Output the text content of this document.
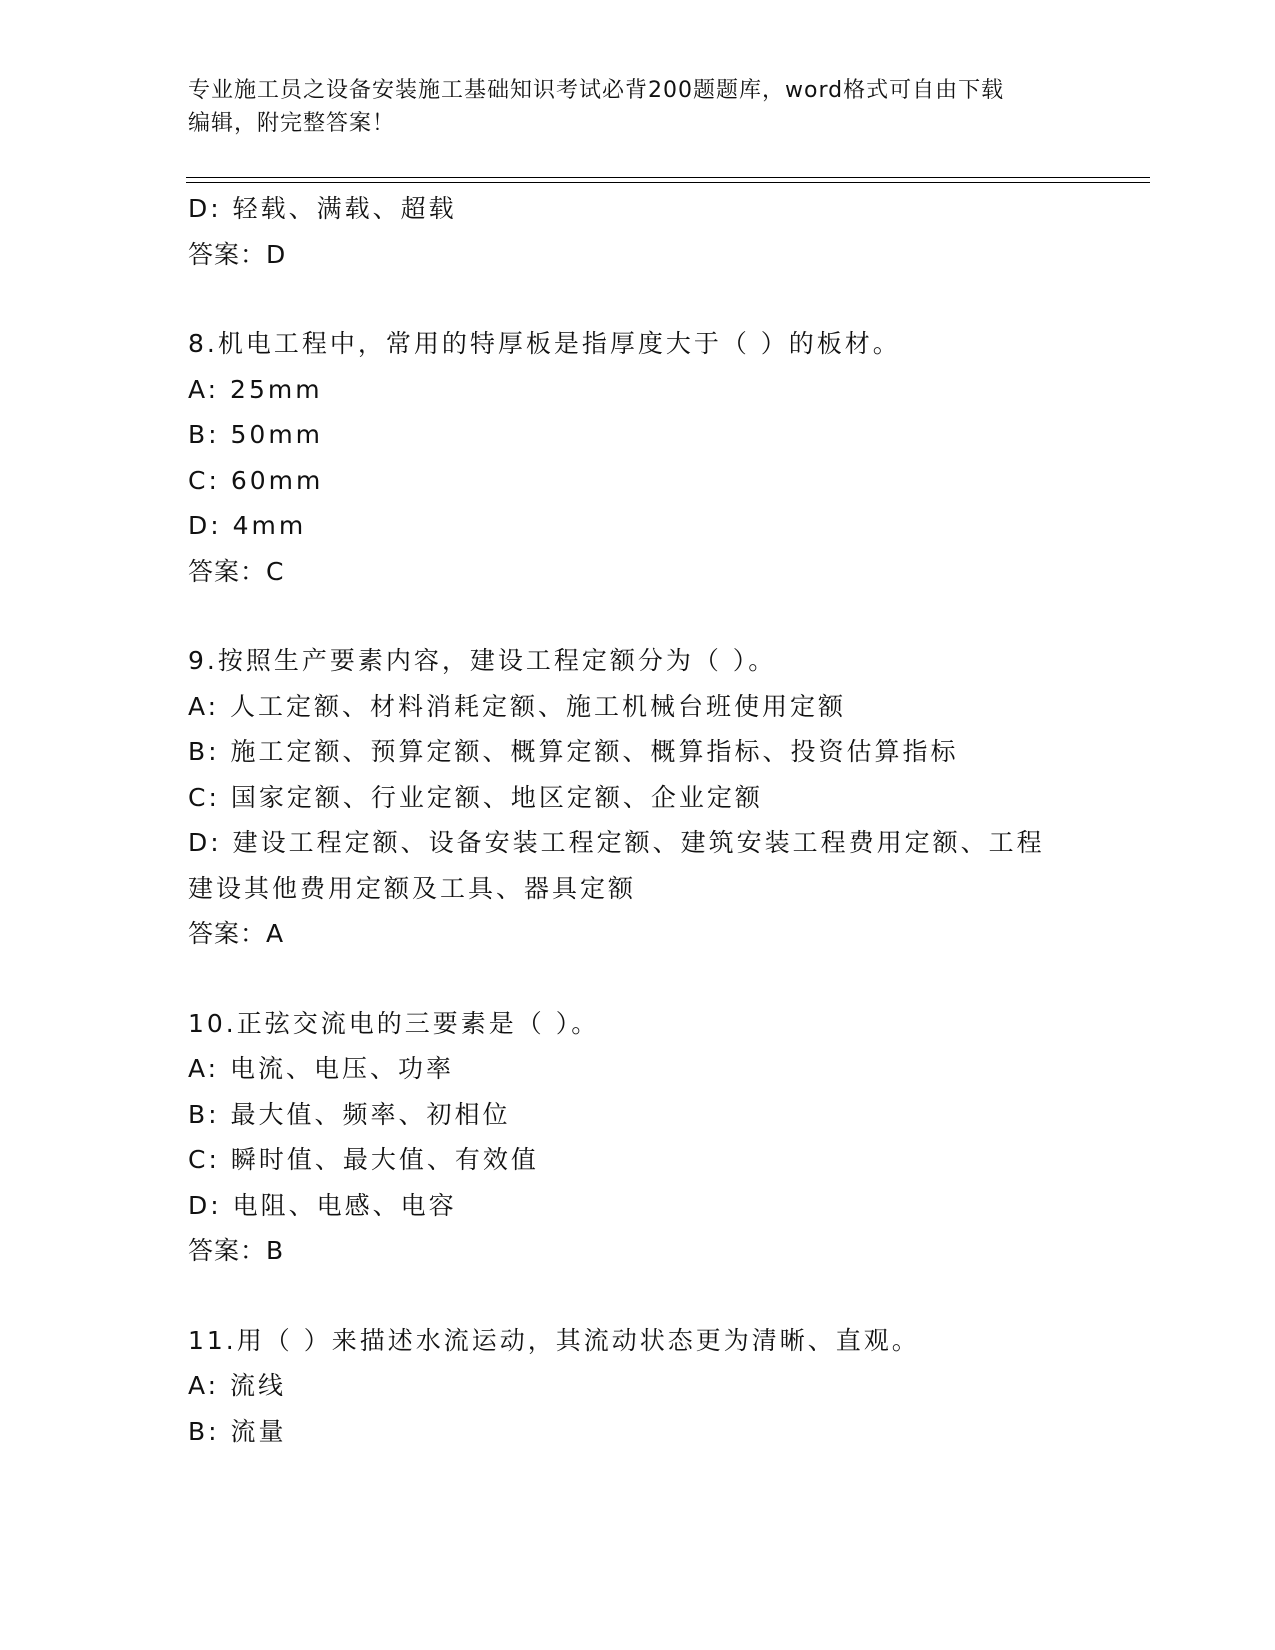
专业施工员之设备安装施工基础知识考试必背200题题库，word格式可自由下载
编辑，附完整答案！
D: 轻载、满载、超载
答案：D
8.机电工程中，常用的特厚板是指厚度大于（ ）的板材。
A: 25mm
B: 50mm
C: 60mm
D: 4mm
答案：C
9.按照生产要素内容，建设工程定额分为（ ）。
A: 人工定额、材料消耗定额、施工机械台班使用定额
B: 施工定额、预算定额、概算定额、概算指标、投资估算指标
C: 国家定额、行业定额、地区定额、企业定额
D: 建设工程定额、设备安装工程定额、建筑安装工程费用定额、工程建设其他费用定额及工具、器具定额
答案：A
10.正弦交流电的三要素是（ ）。
A: 电流、电压、功率
B: 最大值、频率、初相位
C: 瞬时值、最大值、有效值
D: 电阻、电感、电容
答案：B
11.用（ ）来描述水流运动，其流动状态更为清晰、直观。
A: 流线
B: 流量
